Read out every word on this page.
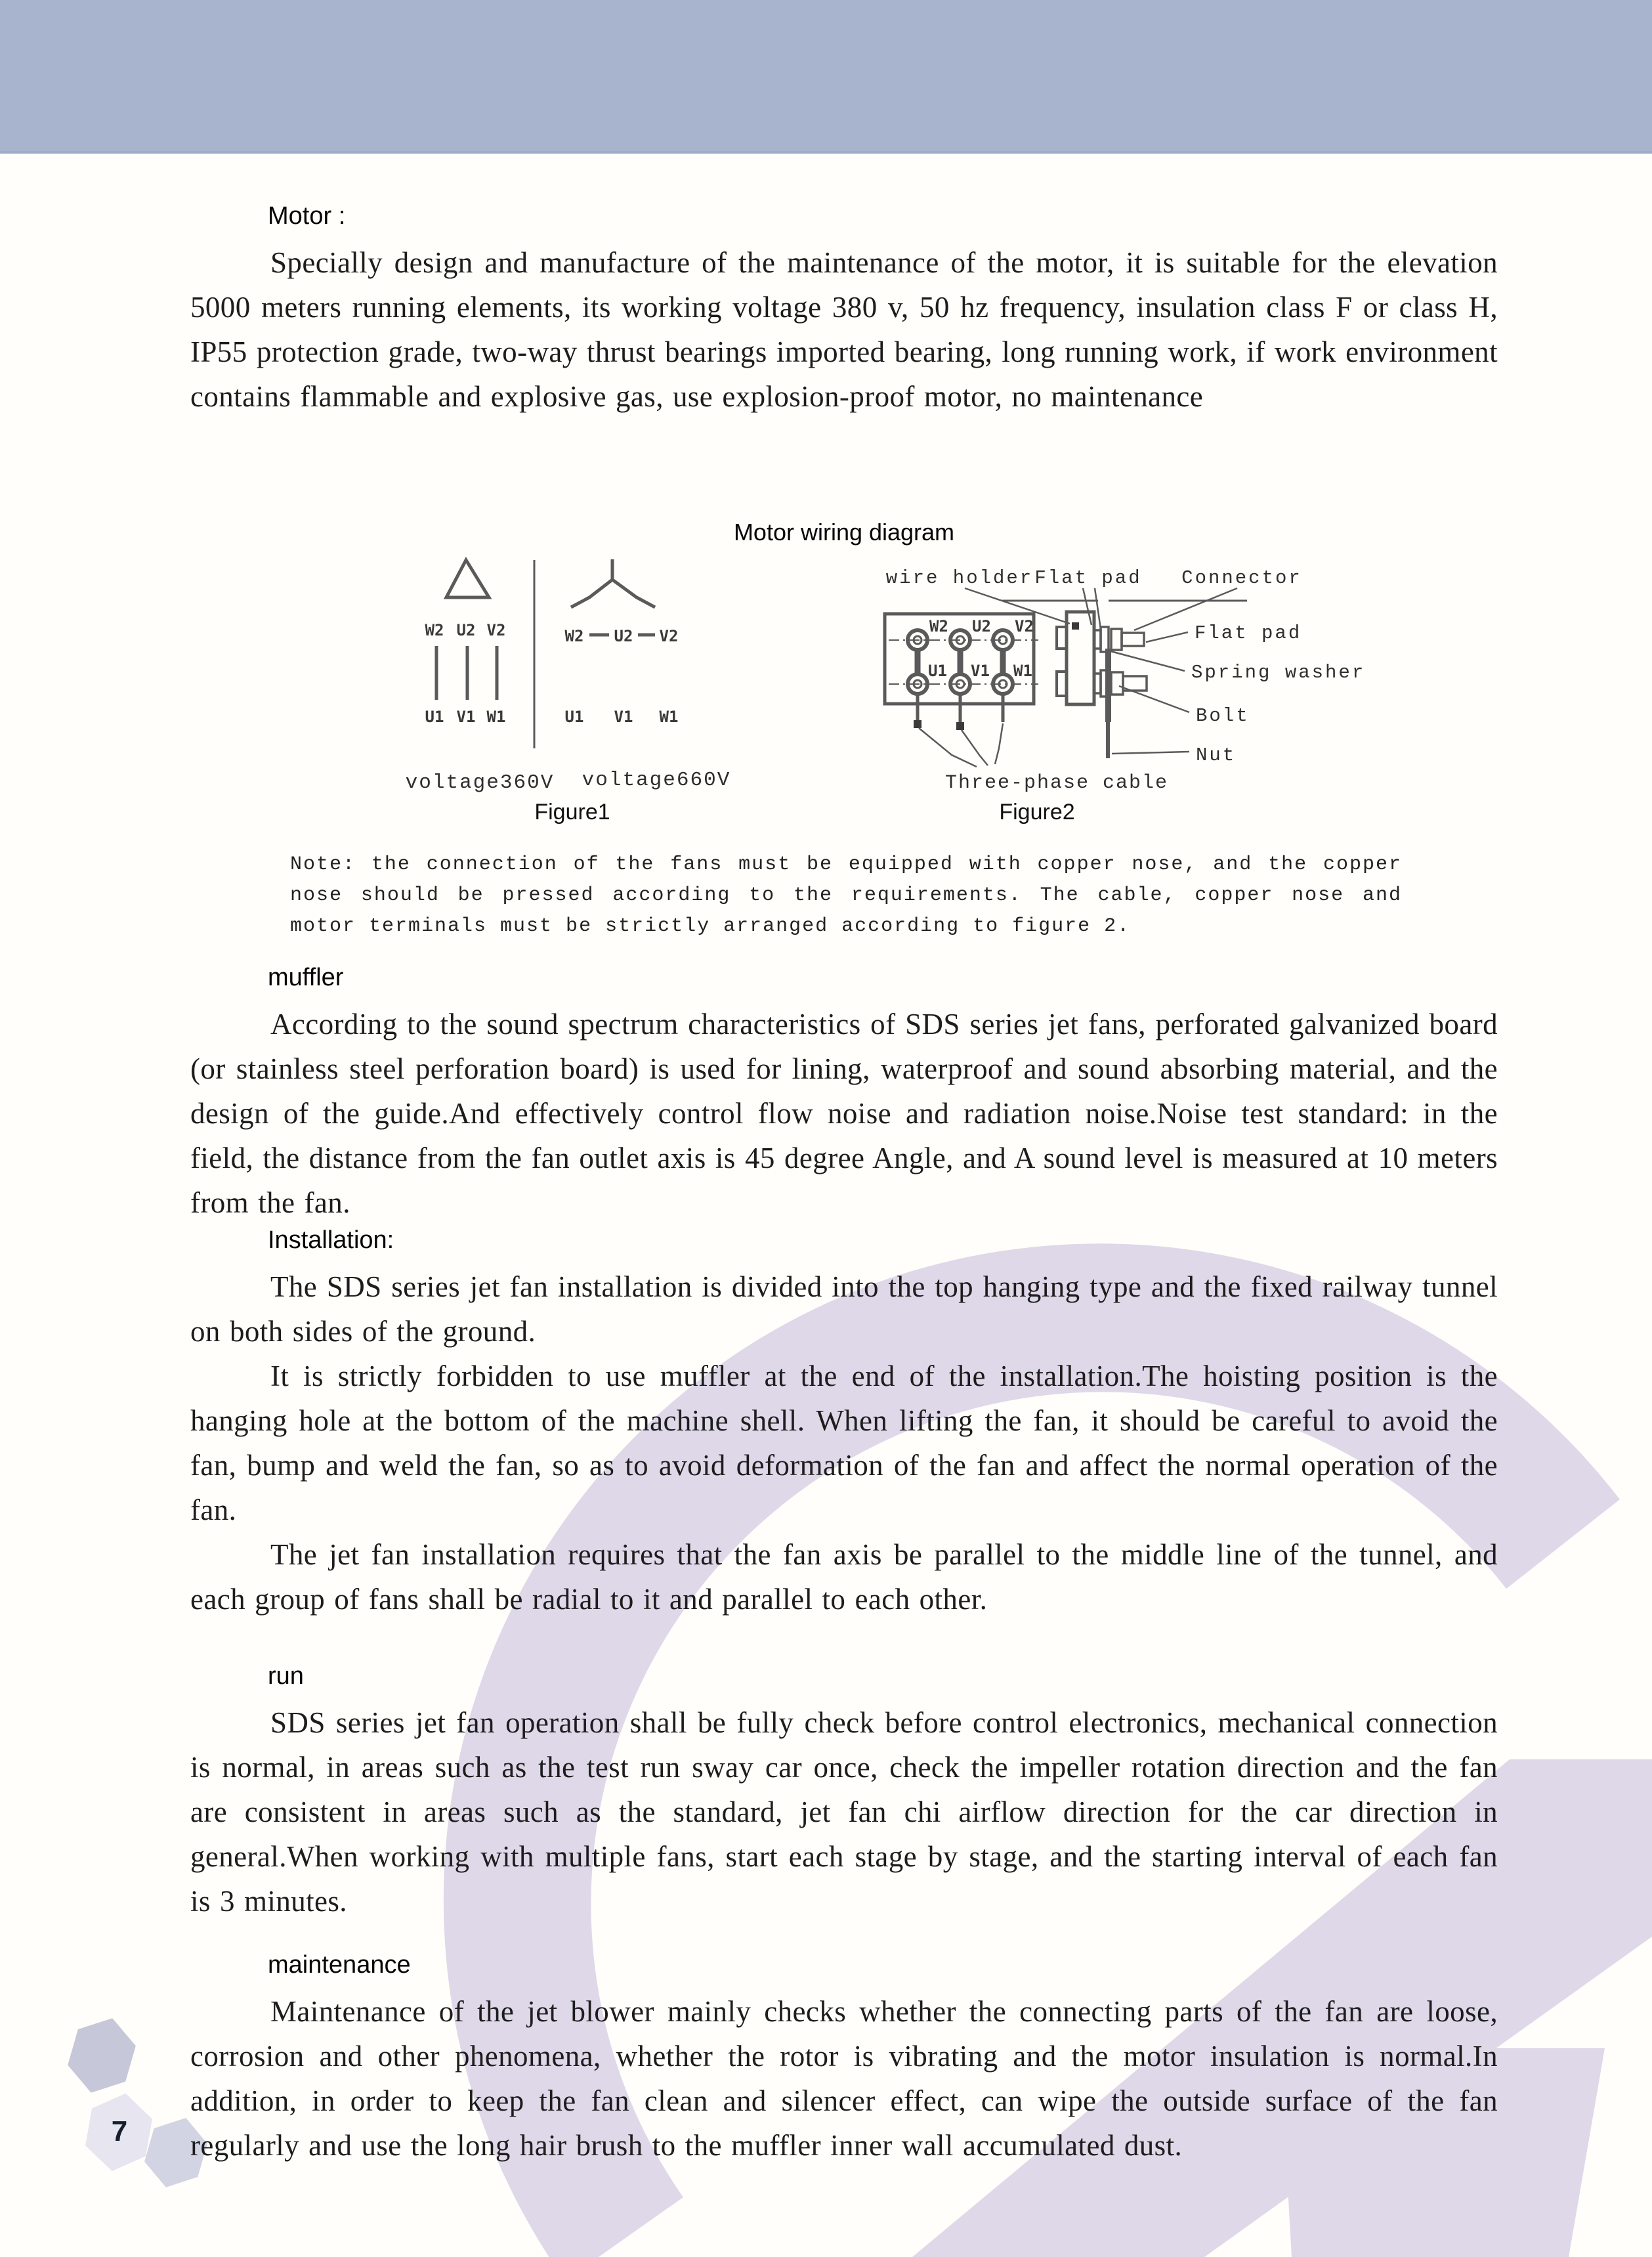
Motor :
Specially design and manufacture of the maintenance of the motor, it is suitable for the elevation 5000 meters running elements, its working voltage 380 v, 50 hz frequency, insulation class F or class H, IP55 protection grade, two-way thrust bearings imported bearing, long running work, if work environment contains flammable and explosive gas, use explosion-proof motor, no maintenance
Motor wiring diagram
W2 U2 V2
U1 V1 W1
voltage360V
W2 U2 V2
U1 V1 W1
voltage660V
Figure1
wire holder Flat pad Connector
W2 U2 V2
U1 V1 W1
Three-phase cable
Flat pad
Spring washer
Bolt
Nut
Figure2
Note: the connection of the fans must be equipped with copper nose, and the copper
nose should be pressed according to the requirements. The cable, copper nose and
motor terminals must be strictly arranged according to figure 2.
muffler
According to the sound spectrum characteristics of SDS series jet fans, perforated galvanized board (or stainless steel perforation board) is used for lining, waterproof and sound absorbing material, and the design of the guide.And effectively control flow noise and radiation noise.Noise test standard: in the field, the distance from the fan outlet axis is 45 degree Angle, and A sound level is measured at 10 meters from the fan.
Installation:
The SDS series jet fan installation is divided into the top hanging type and the fixed railway tunnel on both sides of the ground.
It is strictly forbidden to use muffler at the end of the installation.The hoisting position is the hanging hole at the bottom of the machine shell. When lifting the fan, it should be careful to avoid the fan, bump and weld the fan, so as to avoid deformation of the fan and affect the normal operation of the fan.
The jet fan installation requires that the fan axis be parallel to the middle line of the tunnel, and each group of fans shall be radial to it and parallel to each other.
run
SDS series jet fan operation shall be fully check before control electronics, mechanical connection is normal, in areas such as the test run sway car once, check the impeller rotation direction and the fan are consistent in areas such as the standard, jet fan chi airflow direction for the car direction in general.When working with multiple fans, start each stage by stage, and the starting interval of each fan is 3 minutes.
maintenance
Maintenance of the jet blower mainly checks whether the connecting parts of the fan are loose, corrosion and other phenomena, whether the rotor is vibrating and the motor insulation is normal.In addition, in order to keep the fan clean and silencer effect, can wipe the outside surface of the fan regularly and use the long hair brush to the muffler inner wall accumulated dust.
7
